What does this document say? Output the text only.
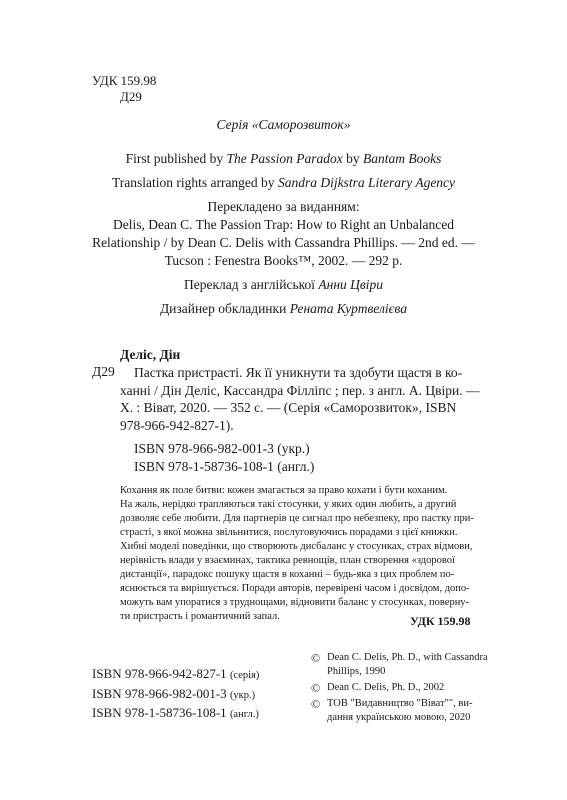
УДК 159.98
Д29
Серія «Саморозвиток»
First published by The Passion Paradox by Bantam Books
Translation rights arranged by Sandra Dijkstra Literary Agency
Перекладено за виданням:
Delis, Dean C. The Passion Trap: How to Right an Unbalanced
Relationship / by Dean C. Delis with Cassandra Phillips. — 2nd ed. —
Tucson : Fenestra Books™, 2002. — 292 p.
Переклад з англійської Анни Цвіри
Дизайнер обкладинки Рената Куртвелієва
Деліс, Дін
Д29 Пастка пристрасті. Як її уникнути та здобути щастя в ко-
ханні / Дін Деліс, Кассандра Філліпс ; пер. з англ. А. Цвіри. —
Х. : Віват, 2020. — 352 с. — (Серія «Саморозвиток», ISBN
978-966-942-827-1).
ISBN 978-966-982-001-3 (укр.)
ISBN 978-1-58736-108-1 (англ.)
Кохання як поле битви: кожен змагається за право кохати і бути коханим.
На жаль, нерідко трапляються такі стосунки, у яких один любить, а другий
дозволяє себе любити. Для партнерів це сигнал про небезпеку, про пастку при-
страсті, з якої можна звільнитися, послуговуючись порадами з цієї книжки.
Хибні моделі поведінки, що створюють дисбаланс у стосунках, страх відмови,
нерівність влади у взаєминах, тактика ревнощів, план створення «здорової
дистанції», парадокс пошуку щастя в коханні – будь-яка з цих проблем по-
яснюється та вирішується. Поради авторів, перевірені часом і досвідом, допо-
можуть вам упоратися з труднощами, відновити баланс у стосунках, поверну-
ти пристрасть і романтичний запал.	УДК 159.98
ISBN 978-966-942-827-1 (серія)
ISBN 978-966-982-001-3 (укр.)
ISBN 978-1-58736-108-1 (англ.)
© Dean C. Delis, Ph. D., with Cassandra
Phillips, 1990
© Dean C. Delis, Ph. D., 2002
© ТОВ "Видавництво "Віват"", ви-
дання українською мовою, 2020
